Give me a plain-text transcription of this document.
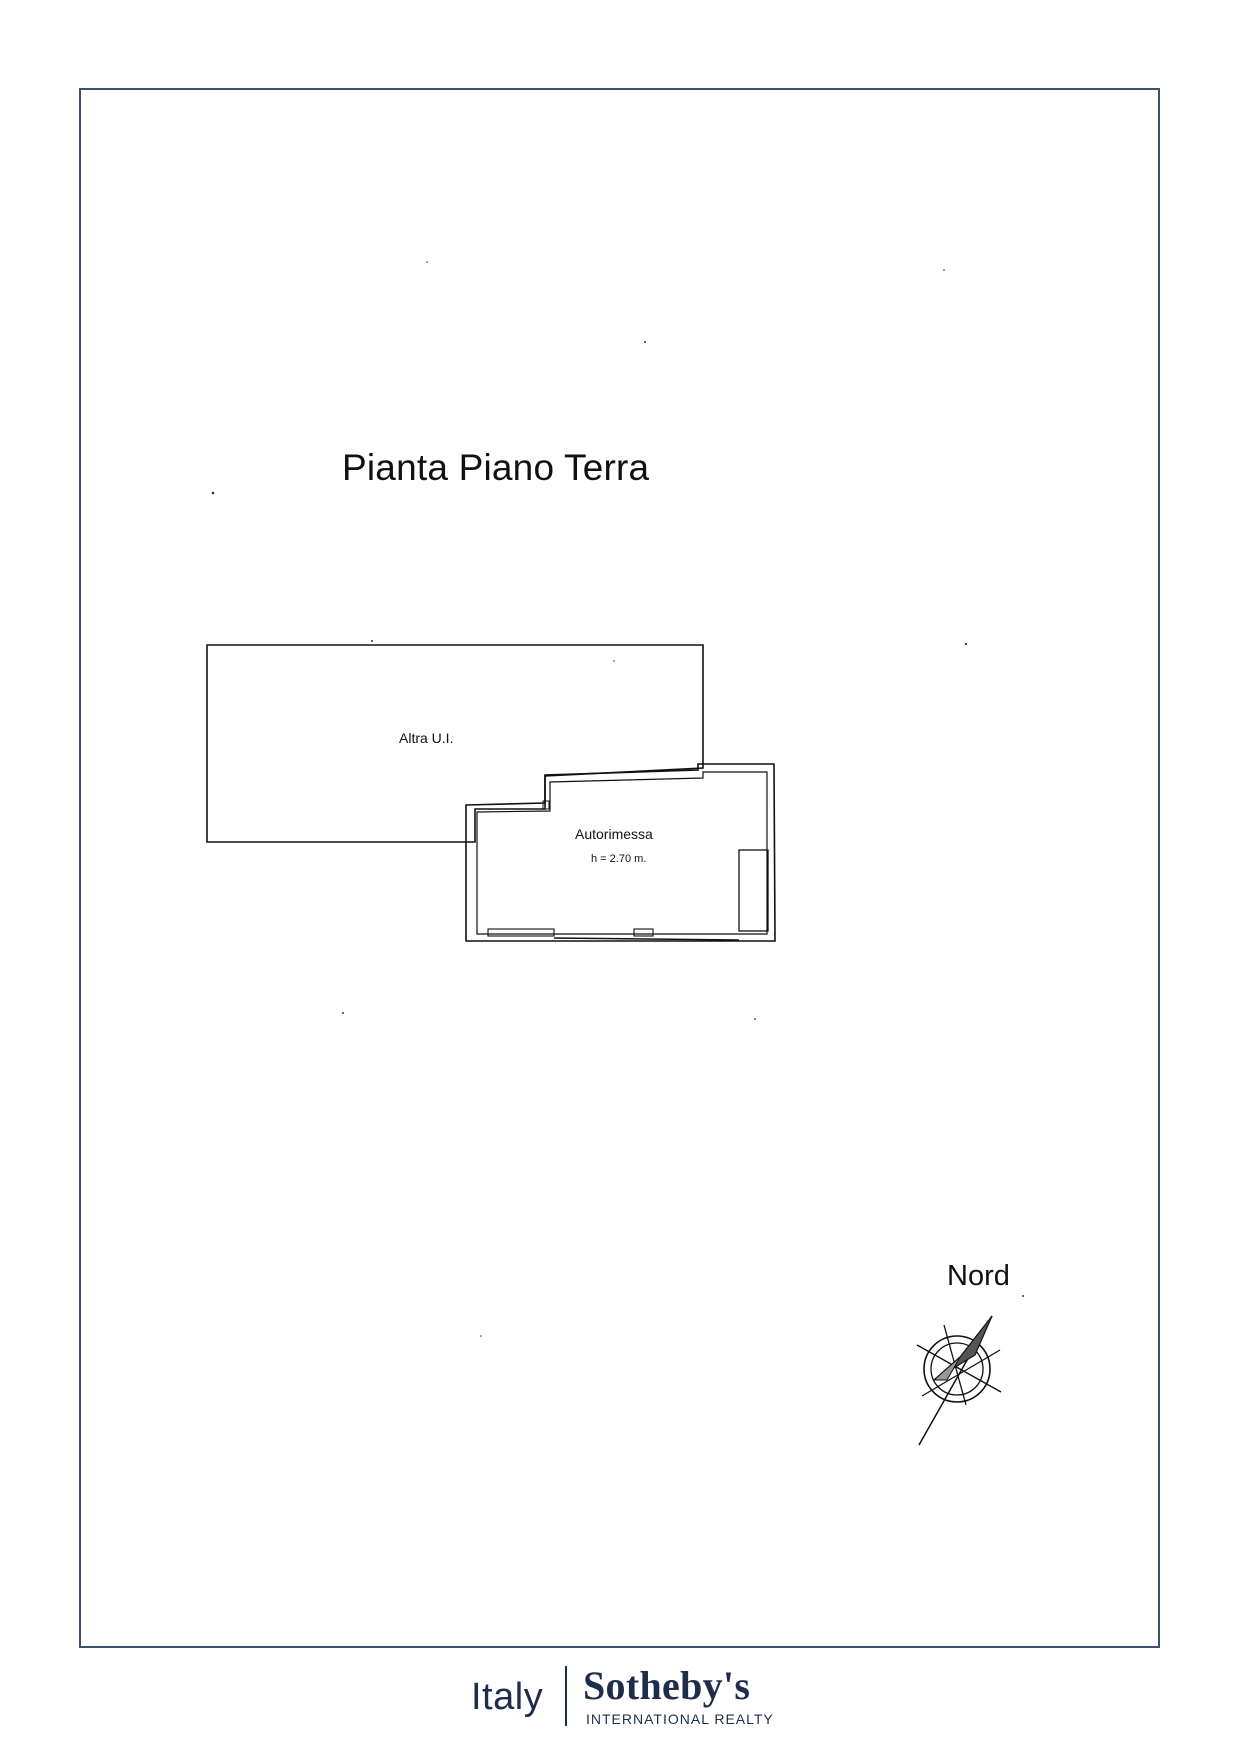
Pianta Piano Terra
Altra U.I.
Autorimessa
h = 2.70 m.
Nord
Italy Sotheby's
INTERNATIONAL REALTY
